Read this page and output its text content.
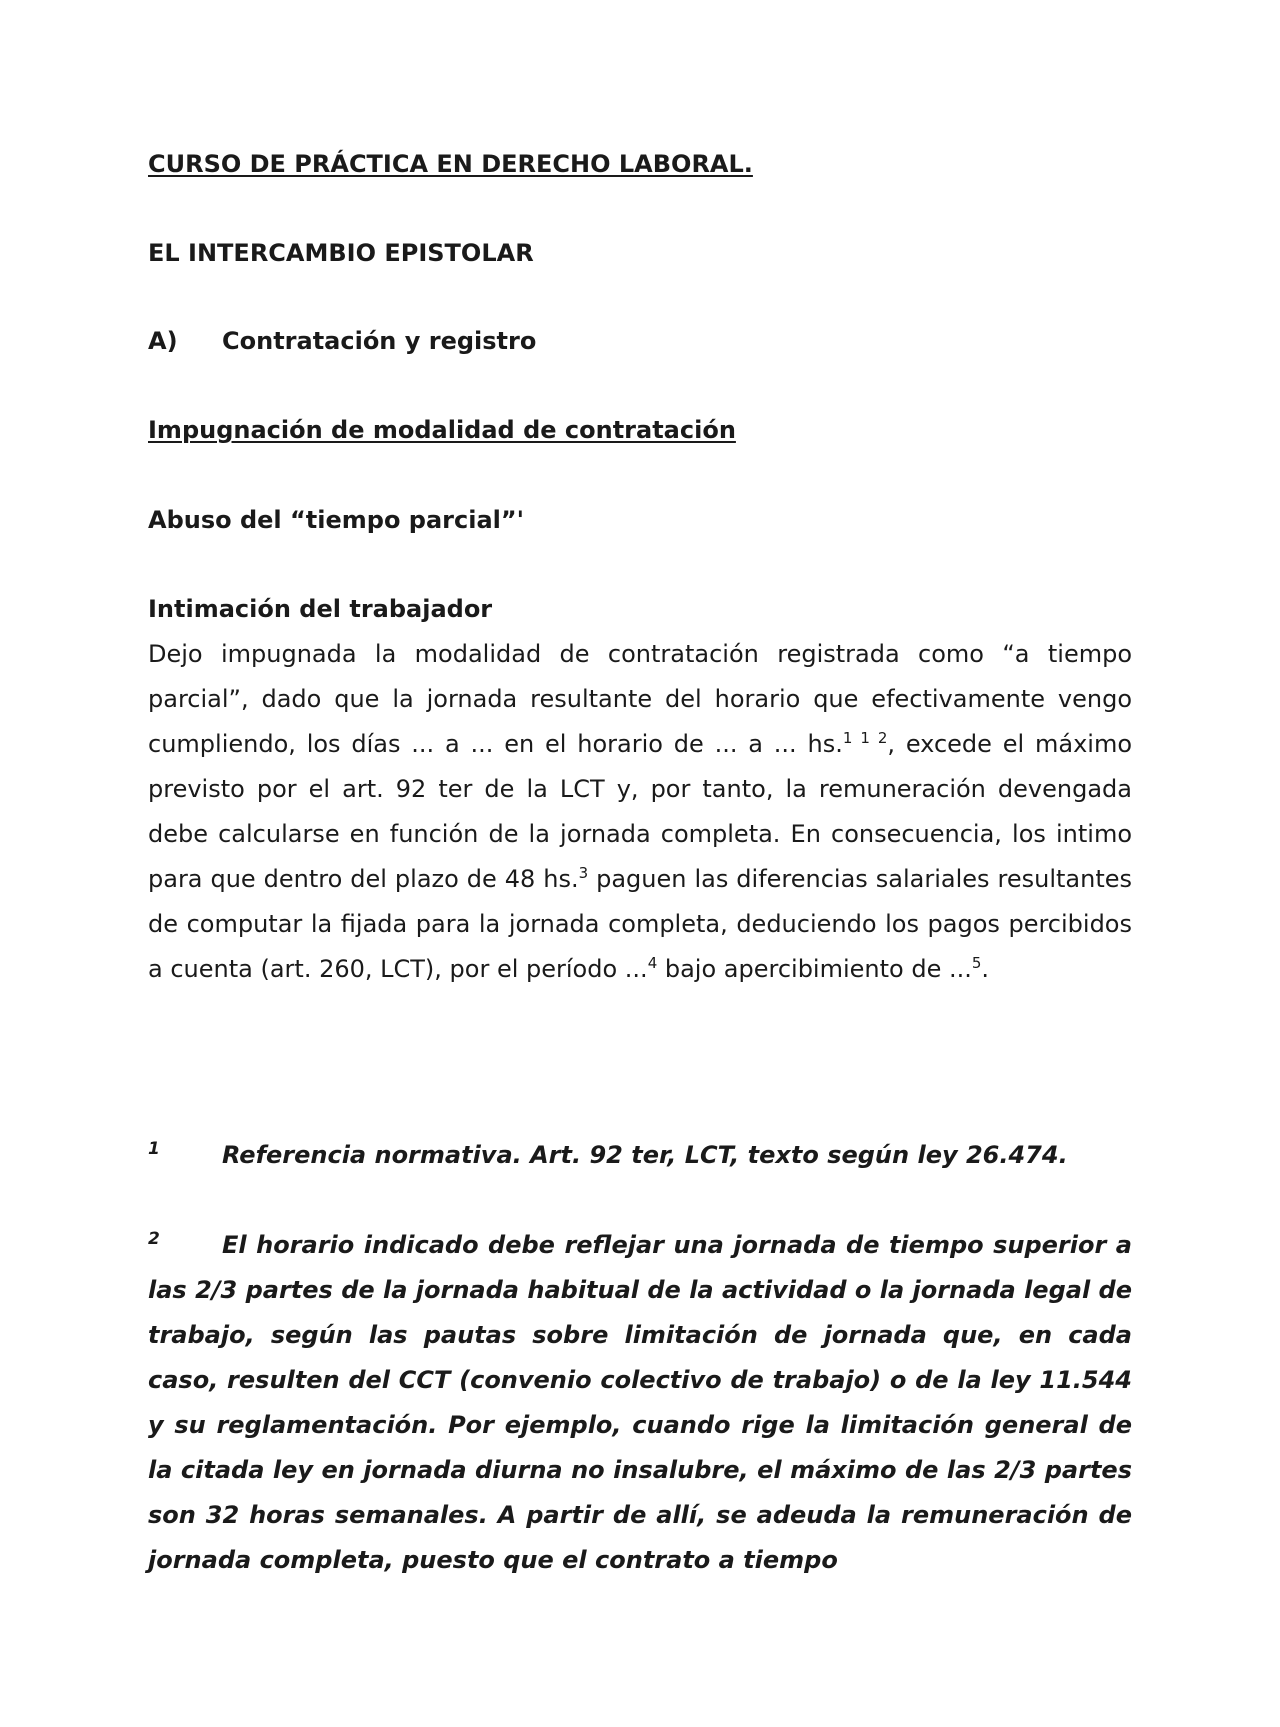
CURSO DE PRÁCTICA EN DERECHO LABORAL.
EL INTERCAMBIO EPISTOLAR
A) Contratación y registro
Impugnación de modalidad de contratación
Abuso del “tiempo parcial”'
Intimación del trabajador
Dejo impugnada la modalidad de contratación registrada como “a tiempo parcial”, dado que la jornada resultante del horario que efectivamente vengo cumpliendo, los días ... a ... en el horario de ... a ... hs.$^{1 1 2}$, excede el máximo previsto por el art. 92 ter de la LCT y, por tanto, la remuneración devengada debe calcularse en función de la jornada completa. En consecuencia, los intimo para que dentro del plazo de 48 hs.$^3$ paguen las diferencias salariales resultantes de computar la fijada para la jornada completa, deduciendo los pagos percibidos a cuenta (art. 260, LCT), por el período ...$^4$ bajo apercibimiento de ...$^5$.
1	Referencia normativa. Art. 92 ter, LCT, texto según ley 26.474.
2	El horario indicado debe reflejar una jornada de tiempo superior a las 2/3 partes de la jornada habitual de la actividad o la jornada legal de trabajo, según las pautas sobre limitación de jornada que, en cada caso, resulten del CCT (convenio colectivo de trabajo) o de la ley 11.544 y su reglamentación. Por ejemplo, cuando rige la limitación general de la citada ley en jornada diurna no insalubre, el máximo de las 2/3 partes son 32 horas semanales. A partir de allí, se adeuda la remuneración de jornada completa, puesto que el contrato a tiempo
